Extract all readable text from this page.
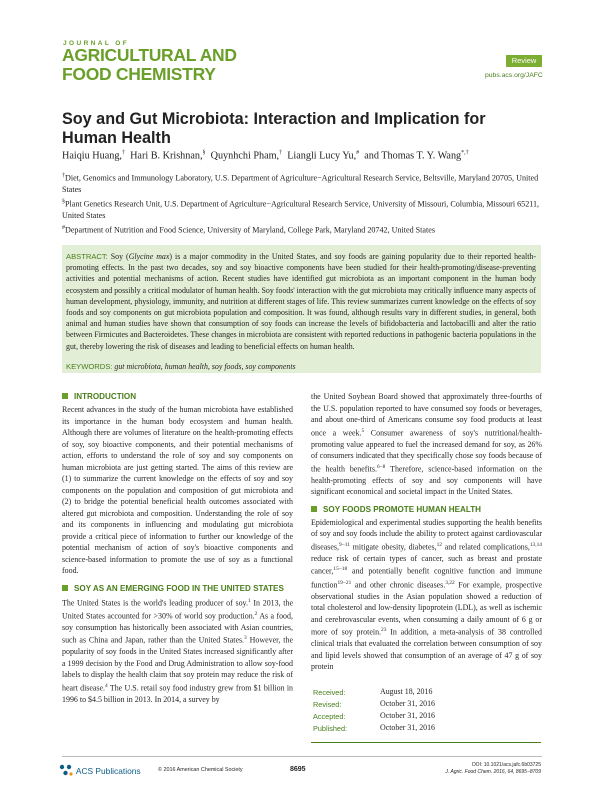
JOURNAL OF
AGRICULTURAL AND
FOOD CHEMISTRY
Review
pubs.acs.org/JAFC
Soy and Gut Microbiota: Interaction and Implication for Human Health
Haiqiu Huang,† Hari B. Krishnan,§ Quynhchi Pham,† Liangli Lucy Yu,# and Thomas T. Y. Wang*,†
†Diet, Genomics and Immunology Laboratory, U.S. Department of Agriculture−Agricultural Research Service, Beltsville, Maryland 20705, United States
§Plant Genetics Research Unit, U.S. Department of Agriculture−Agricultural Research Service, University of Missouri, Columbia, Missouri 65211, United States
#Department of Nutrition and Food Science, University of Maryland, College Park, Maryland 20742, United States
ABSTRACT: Soy (Glycine max) is a major commodity in the United States, and soy foods are gaining popularity due to their reported health-promoting effects. In the past two decades, soy and soy bioactive components have been studied for their health-promoting/disease-preventing activities and potential mechanisms of action. Recent studies have identified gut microbiota as an important component in the human body ecosystem and possibly a critical modulator of human health. Soy foods' interaction with the gut microbiota may critically influence many aspects of human development, physiology, immunity, and nutrition at different stages of life. This review summarizes current knowledge on the effects of soy foods and soy components on gut microbiota population and composition. It was found, although results vary in different studies, in general, both animal and human studies have shown that consumption of soy foods can increase the levels of bifidobacteria and lactobacilli and alter the ratio between Firmicutes and Bacteroidetes. These changes in microbiota are consistent with reported reductions in pathogenic bacteria populations in the gut, thereby lowering the risk of diseases and leading to beneficial effects on human health.
KEYWORDS: gut microbiota, human health, soy foods, soy components
INTRODUCTION

Recent advances in the study of the human microbiota have established its importance in the human body ecosystem and human health. Although there are volumes of literature on the health-promoting effects of soy, soy bioactive components, and their potential mechanisms of action, efforts to understand the role of soy and soy components on human microbiota are just getting started. The aims of this review are (1) to summarize the current knowledge on the effects of soy and soy components on the population and composition of gut microbiota and (2) to bridge the potential beneficial health outcomes associated with altered gut microbiota and composition. Understanding the role of soy and its components in influencing and modulating gut microbiota provide a critical piece of information to further our knowledge of the potential mechanism of action of soy's bioactive components and science-based information to promote the use of soy as a functional food.

SOY AS AN EMERGING FOOD IN THE UNITED STATES

The United States is the world's leading producer of soy.$^1$ In 2013, the United States accounted for >30% of world soy production.$^2$ As a food, soy consumption has historically been associated with Asian countries, such as China and Japan, rather than the United States.$^3$ However, the popularity of soy foods in the United States increased significantly after a 1999 decision by the Food and Drug Administration to allow soy-food labels to display the health claim that soy protein may reduce the risk of heart disease.$^4$ The U.S. retail soy food industry grew from $1 billion in 1996 to $4.5 billion in 2013. In 2014, a survey by

the United Soybean Board showed that approximately three-fourths of the U.S. population reported to have consumed soy foods or beverages, and about one-third of Americans consume soy food products at least once a week.$^5$ Consumer awareness of soy's nutritional/health-promoting value appeared to fuel the increased demand for soy, as 26% of consumers indicated that they specifically chose soy foods because of the health benefits.$^{6-8}$ Therefore, science-based information on the health-promoting effects of soy and soy components will have significant economical and societal impact in the United States.

SOY FOODS PROMOTE HUMAN HEALTH

Epidemiological and experimental studies supporting the health benefits of soy and soy foods include the ability to protect against cardiovascular diseases,$^{9-11}$ mitigate obesity, diabetes,$^{12}$ and related complications,$^{13,14}$ reduce risk of certain types of cancer, such as breast and prostate cancer,$^{15-18}$ and potentially benefit cognitive function and immune function$^{19-21}$ and other chronic diseases.$^{3,22}$ For example, prospective observational studies in the Asian population showed a reduction of total cholesterol and low-density lipoprotein (LDL), as well as ischemic and cerebrovascular events, when consuming a daily amount of 6 g or more of soy protein.$^{23}$ In addition, a meta-analysis of 38 controlled clinical trials that evaluated the correlation between consumption of soy and lipid levels showed that consumption of an average of 47 g of soy protein

Received:	August 18, 2016
Revised:	October 31, 2016
Accepted:	October 31, 2016
Published:	October 31, 2016
ACS Publications	© 2016 American Chemical Society	8695
DOI: 10.1021/acs.jafc.6b03725
J. Agric. Food Chem. 2016, 64, 8695−8709
